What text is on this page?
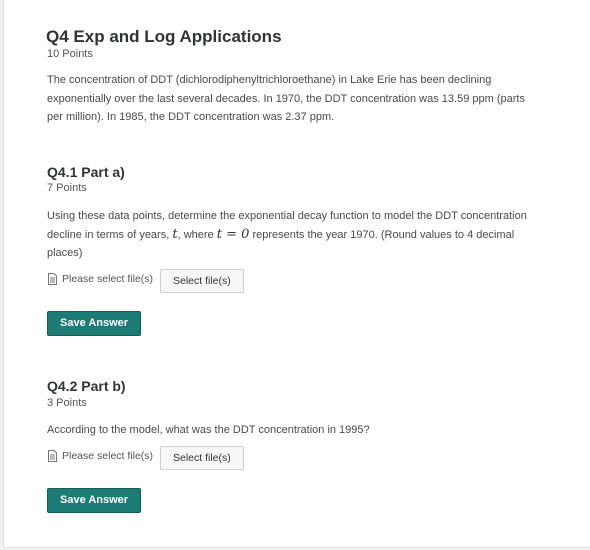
Q4 Exp and Log Applications
10 Points

The concentration of DDT (dichlorodiphenyltrichloroethane) in Lake Erie has been declining exponentially over the last several decades. In 1970, the DDT concentration was 13.59 ppm (parts per million). In 1985, the DDT concentration was 2.37 ppm.

Q4.1 Part a)
7 Points

Using these data points, determine the exponential decay function to model the DDT concentration decline in terms of years, t, where t = 0 represents the year 1970. (Round values to 4 decimal places)

Please select file(s)	Select file(s)
Save Answer
Q4.2 Part b)
3 Points

According to the model, what was the DDT concentration in 1995?

Please select file(s)	Select file(s)
Save Answer
